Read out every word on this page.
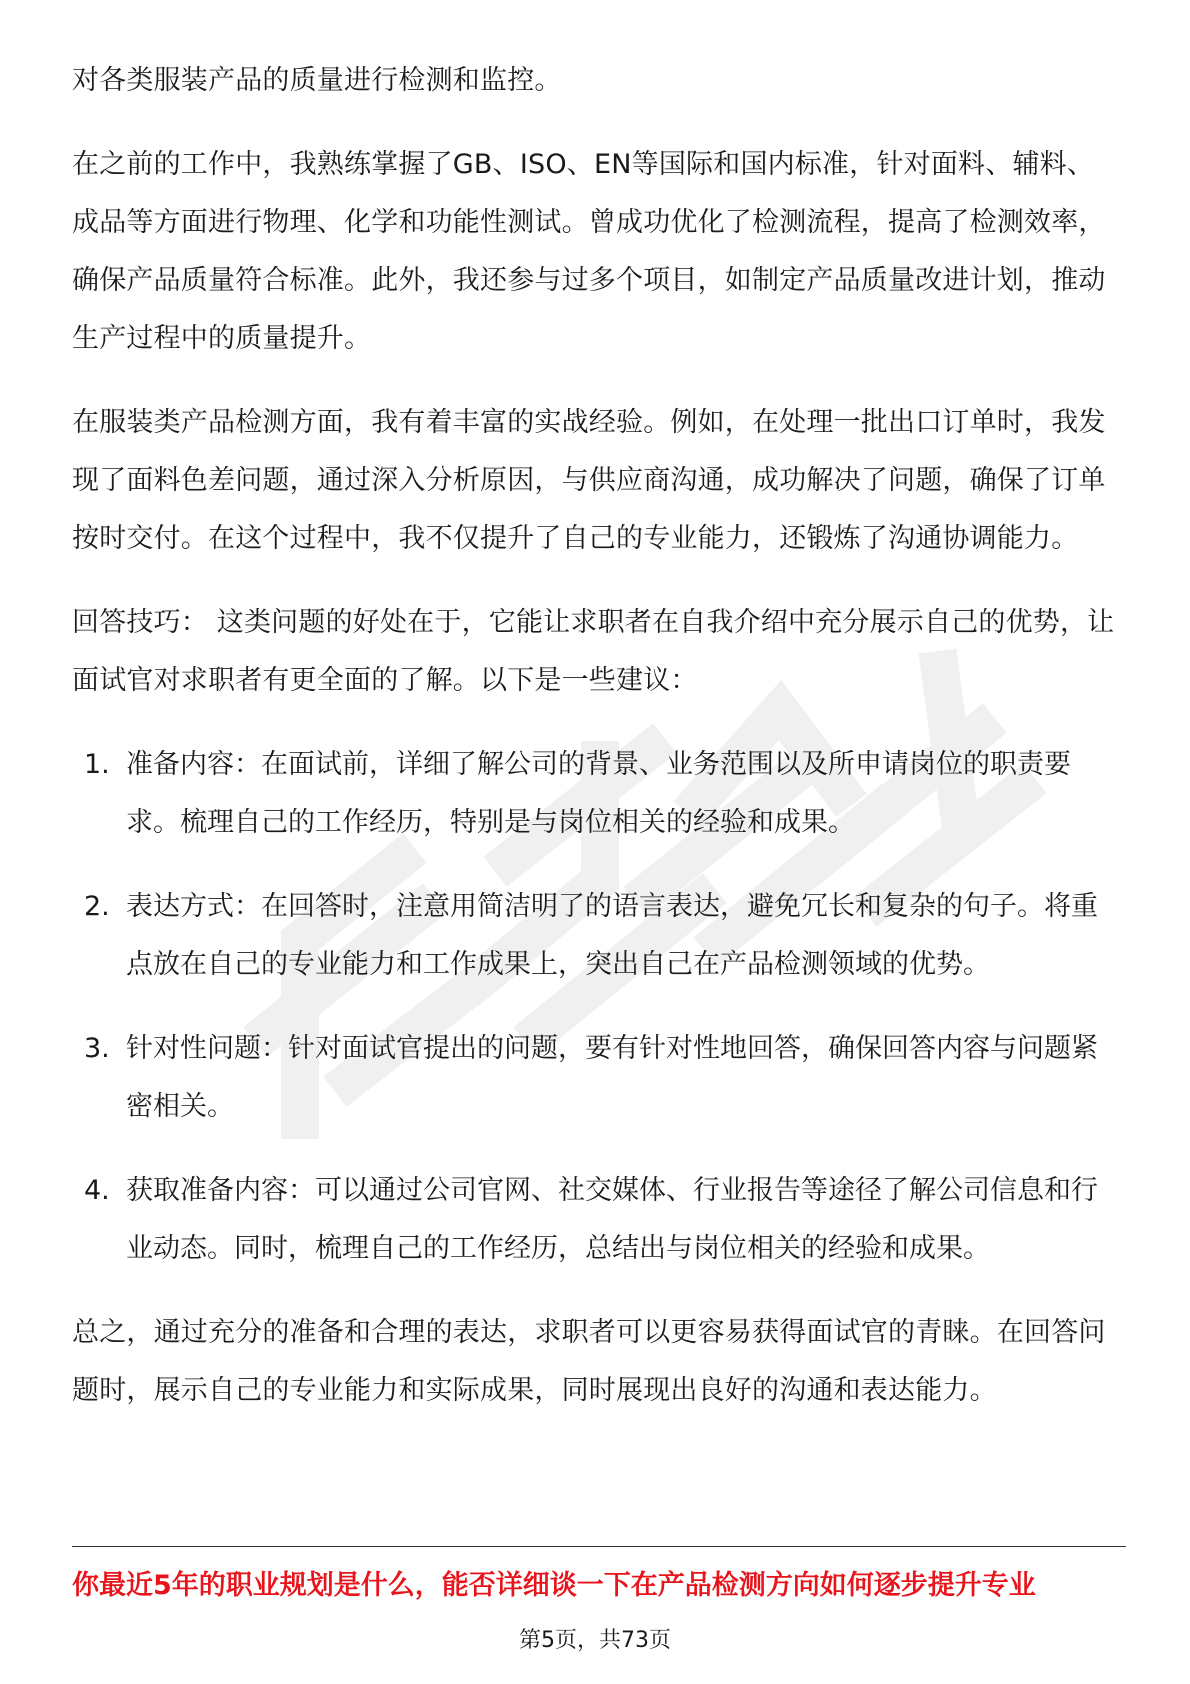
对各类服装产品的质量进行检测和监控。

在之前的工作中，我熟练掌握了GB、ISO、EN等国际和国内标准，针对面料、辅料、成品等方面进行物理、化学和功能性测试。曾成功优化了检测流程，提高了检测效率，确保产品质量符合标准。此外，我还参与过多个项目，如制定产品质量改进计划，推动生产过程中的质量提升。

在服装类产品检测方面，我有着丰富的实战经验。例如，在处理一批出口订单时，我发现了面料色差问题，通过深入分析原因，与供应商沟通，成功解决了问题，确保了订单按时交付。在这个过程中，我不仅提升了自己的专业能力，还锻炼了沟通协调能力。

回答技巧： 这类问题的好处在于，它能让求职者在自我介绍中充分展示自己的优势，让面试官对求职者有更全面的了解。以下是一些建议：

1. 准备内容：在面试前，详细了解公司的背景、业务范围以及所申请岗位的职责要求。梳理自己的工作经历，特别是与岗位相关的经验和成果。
2. 表达方式：在回答时，注意用简洁明了的语言表达，避免冗长和复杂的句子。将重点放在自己的专业能力和工作成果上，突出自己在产品检测领域的优势。
3. 针对性问题：针对面试官提出的问题，要有针对性地回答，确保回答内容与问题紧密相关。
4. 获取准备内容：可以通过公司官网、社交媒体、行业报告等途径了解公司信息和行业动态。同时，梳理自己的工作经历，总结出与岗位相关的经验和成果。

总之，通过充分的准备和合理的表达，求职者可以更容易获得面试官的青睐。在回答问题时，展示自己的专业能力和实际成果，同时展现出良好的沟通和表达能力。

你最近5年的职业规划是什么，能否详细谈一下在产品检测方向如何逐步提升专业
第5页，共73页
